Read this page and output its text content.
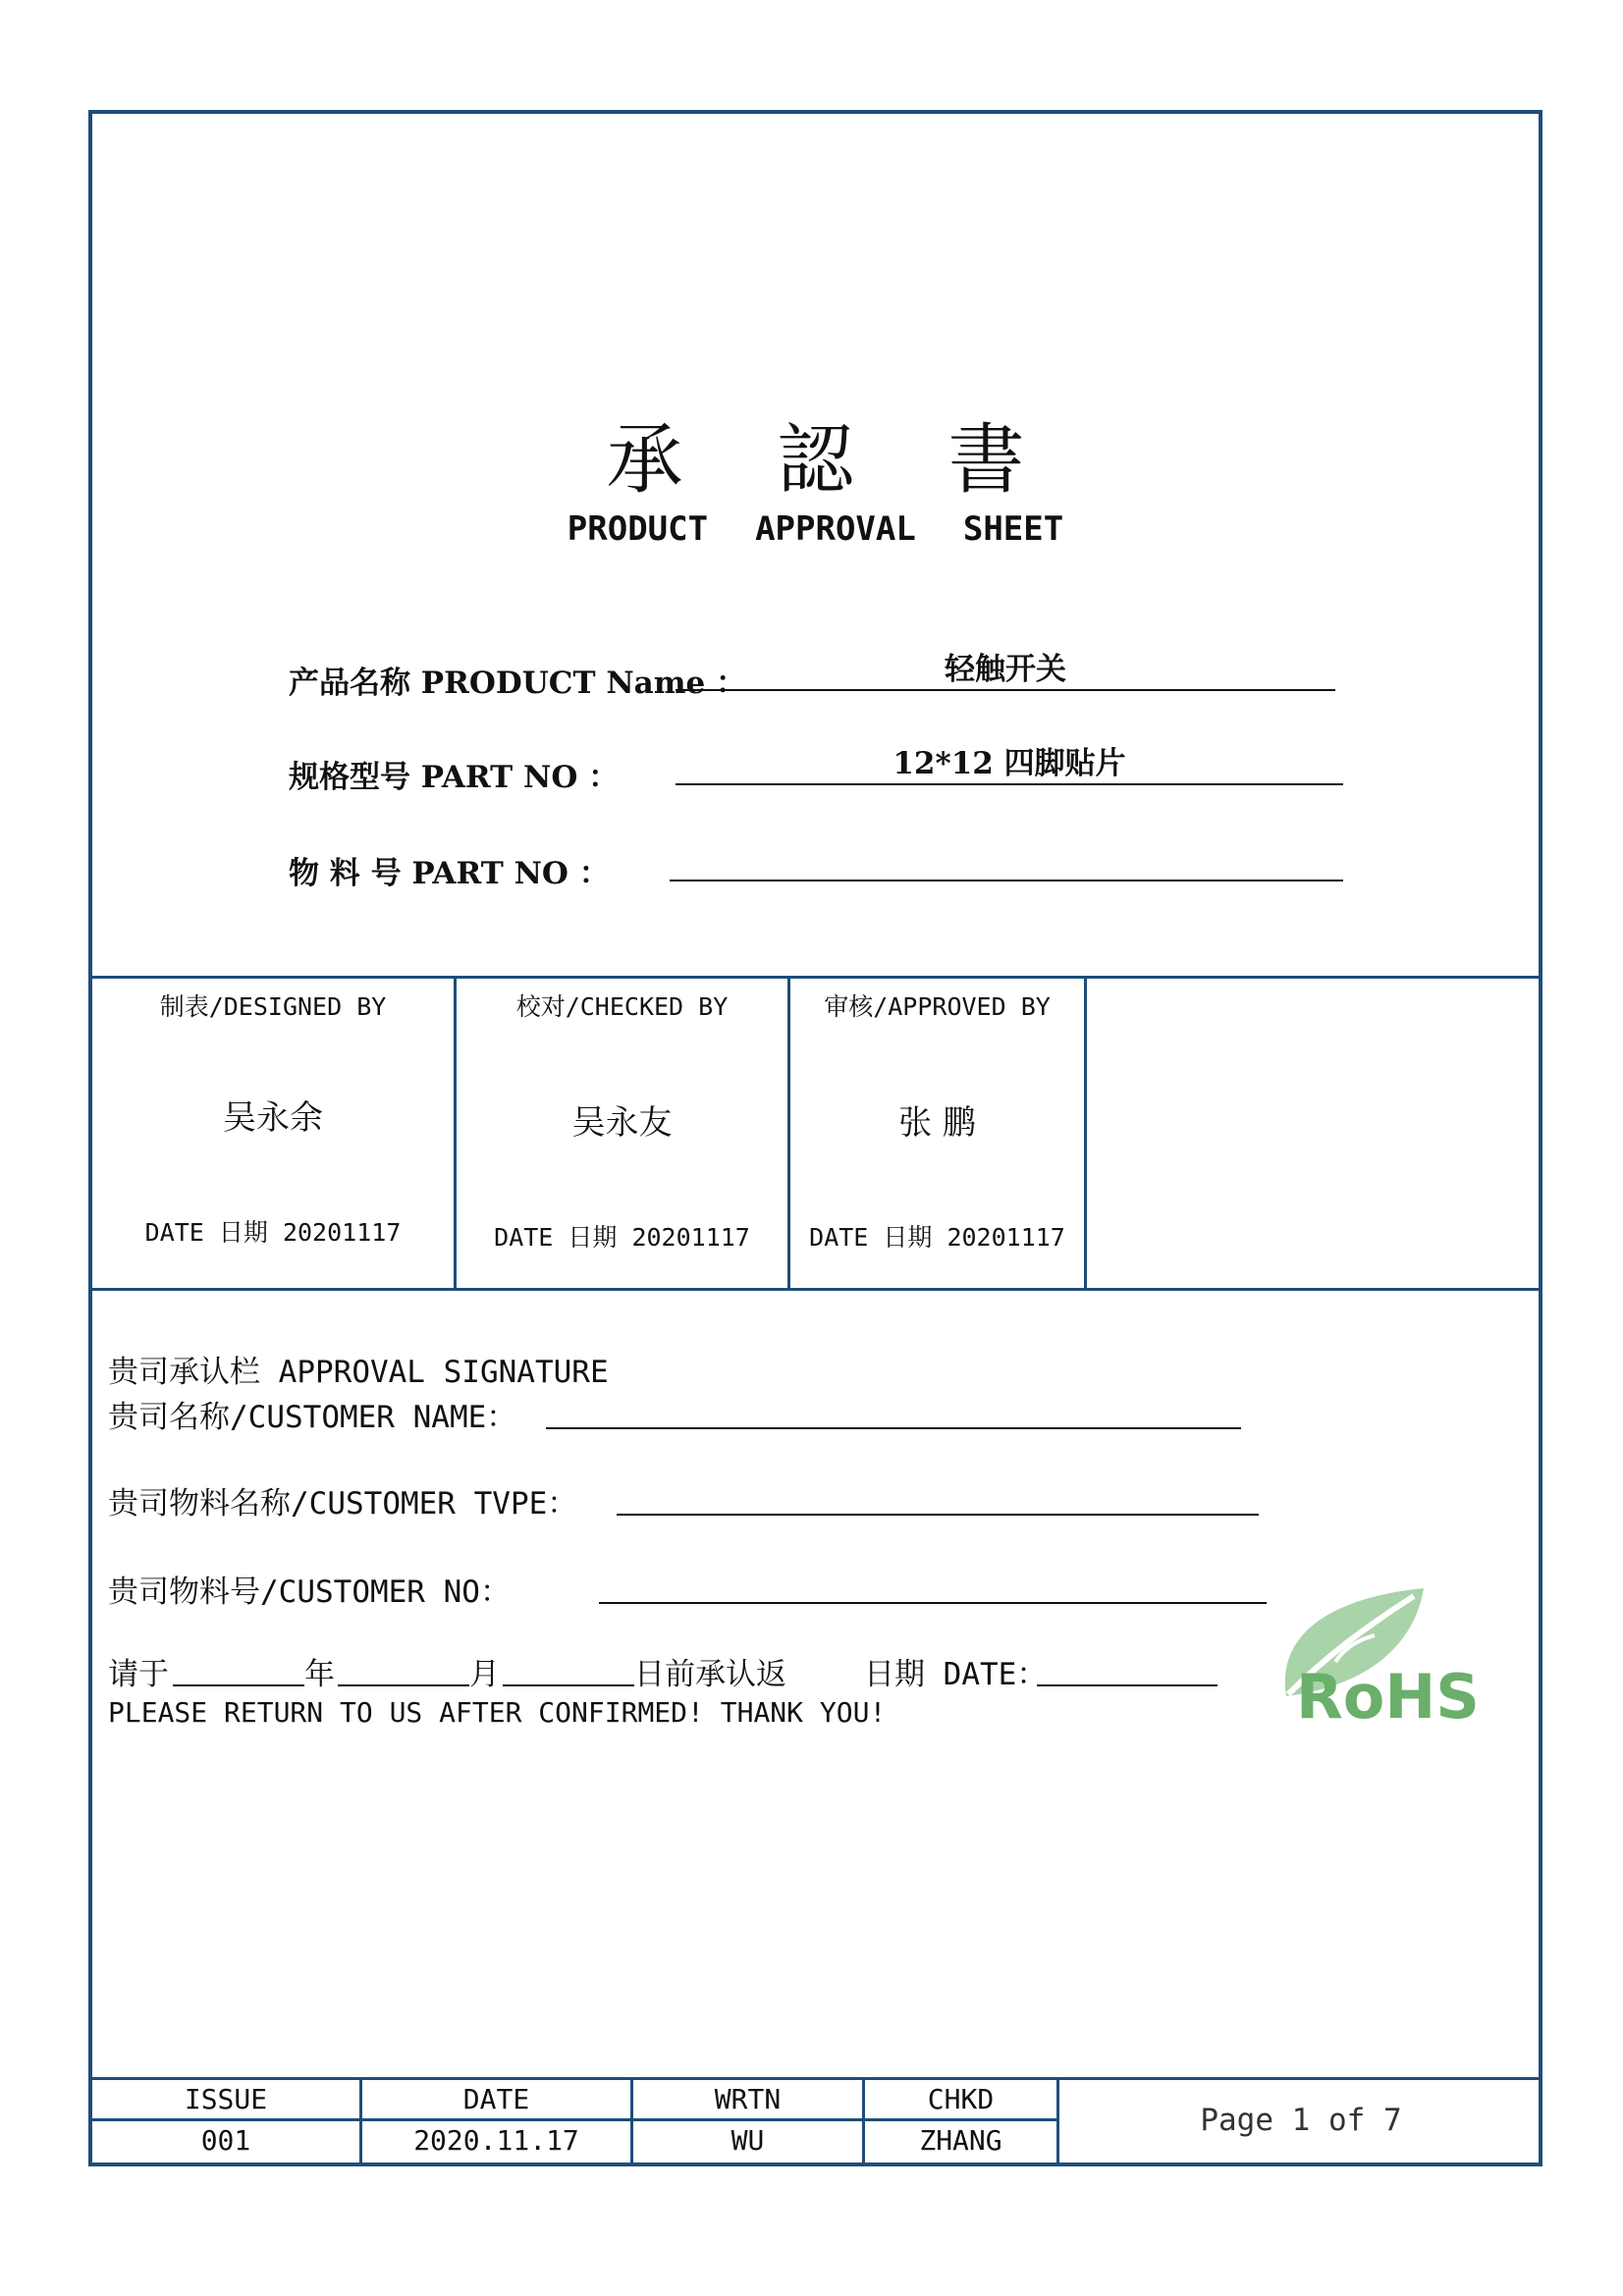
承 認 書
PRODUCT APPROVAL SHEET
产品名称 PRODUCT Name ：	轻触开关
规格型号 PART NO ：	12*12 四脚贴片
物 料 号 PART NO ：
制表/DESIGNED BY
吴永余
DATE 日期 20201117
校对/CHECKED BY
吴永友
DATE 日期 20201117
审核/APPROVED BY
张 鹏
DATE 日期 20201117
贵司承认栏 APPROVAL SIGNATURE
贵司名称/CUSTOMER NAME：
贵司物料名称/CUSTOMER TVPE：
贵司物料号/CUSTOMER NO：
请于	年	月	日前承认返	日期 DATE：
PLEASE RETURN TO US AFTER CONFIRMED! THANK YOU!
ISSUE	DATE	WRTN	CHKD
001	2020.11.17	WU	ZHANG
Page 1 of 7
RoHS
